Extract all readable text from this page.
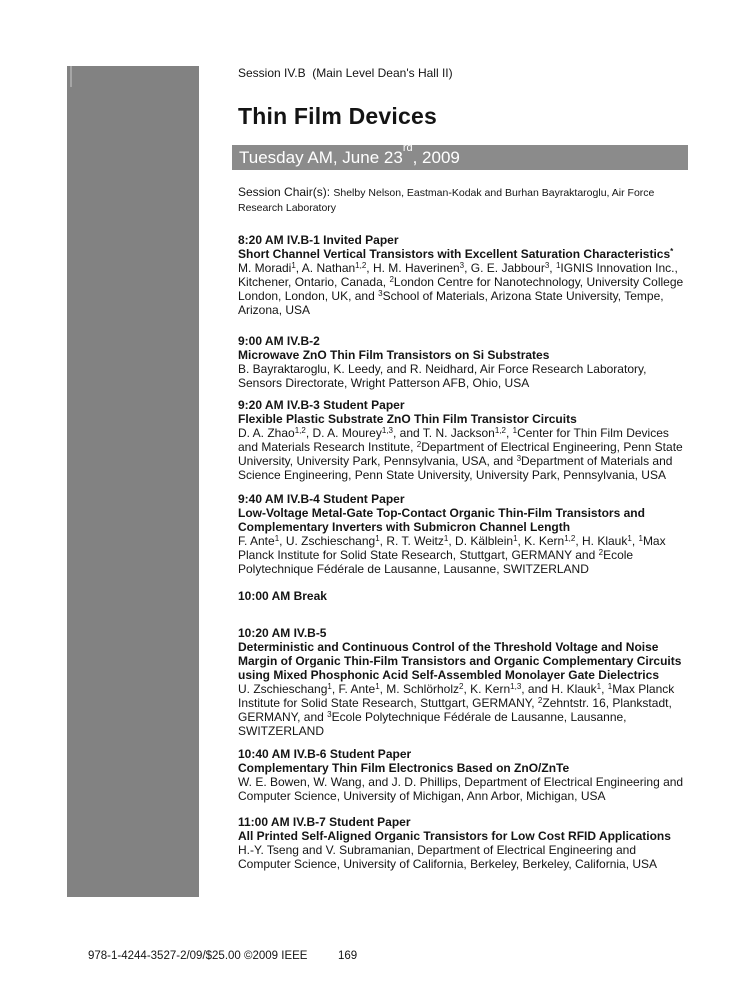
Session IV.B  (Main Level Dean's Hall II)
Thin Film Devices
Tuesday AM, June 23rd, 2009

Session Chair(s): Shelby Nelson, Eastman-Kodak and Burhan Bayraktaroglu, Air Force Research Laboratory

8:20 AM IV.B-1 Invited Paper
Short Channel Vertical Transistors with Excellent Saturation Characteristics*
M. Moradi$^1$, A. Nathan$^{1,2}$, H. M. Haverinen$^3$, G. E. Jabbour$^3$, $^1$IGNIS Innovation Inc., Kitchener, Ontario, Canada, $^2$London Centre for Nanotechnology, University College London, London, UK, and $^3$School of Materials, Arizona State University, Tempe, Arizona, USA
9:00 AM IV.B-2
Microwave ZnO Thin Film Transistors on Si Substrates
B. Bayraktaroglu, K. Leedy, and R. Neidhard, Air Force Research Laboratory, Sensors Directorate, Wright Patterson AFB, Ohio, USA
9:20 AM IV.B-3 Student Paper
Flexible Plastic Substrate ZnO Thin Film Transistor Circuits
D. A. Zhao$^{1,2}$, D. A. Mourey$^{1,3}$, and T. N. Jackson$^{1,2}$, $^1$Center for Thin Film Devices and Materials Research Institute, $^2$Department of Electrical Engineering, Penn State University, University Park, Pennsylvania, USA, and $^3$Department of Materials and Science Engineering, Penn State University, University Park, Pennsylvania, USA
9:40 AM IV.B-4 Student Paper
Low-Voltage Metal-Gate Top-Contact Organic Thin-Film Transistors and Complementary Inverters with Submicron Channel Length
F. Ante$^1$, U. Zschieschang$^1$, R. T. Weitz$^1$, D. Kälblein$^1$, K. Kern$^{1,2}$, H. Klauk$^1$, $^1$Max Planck Institute for Solid State Research, Stuttgart, GERMANY and $^2$Ecole Polytechnique Fédérale de Lausanne, Lausanne, SWITZERLAND
10:00 AM Break
10:20 AM IV.B-5
Deterministic and Continuous Control of the Threshold Voltage and Noise Margin of Organic Thin-Film Transistors and Organic Complementary Circuits using Mixed Phosphonic Acid Self-Assembled Monolayer Gate Dielectrics
U. Zschieschang$^1$, F. Ante$^1$, M. Schlörholz$^2$, K. Kern$^{1,3}$, and H. Klauk$^1$, $^1$Max Planck Institute for Solid State Research, Stuttgart, GERMANY, $^2$Zehntstr. 16, Plankstadt, GERMANY, and $^3$Ecole Polytechnique Fédérale de Lausanne, Lausanne, SWITZERLAND
10:40 AM IV.B-6 Student Paper
Complementary Thin Film Electronics Based on ZnO/ZnTe
W. E. Bowen, W. Wang, and J. D. Phillips, Department of Electrical Engineering and Computer Science, University of Michigan, Ann Arbor, Michigan, USA
11:00 AM IV.B-7 Student Paper
All Printed Self-Aligned Organic Transistors for Low Cost RFID Applications
H.-Y. Tseng and V. Subramanian, Department of Electrical Engineering and Computer Science, University of California, Berkeley, Berkeley, California, USA
978-1-4244-3527-2/09/$25.00 ©2009 IEEE	169
